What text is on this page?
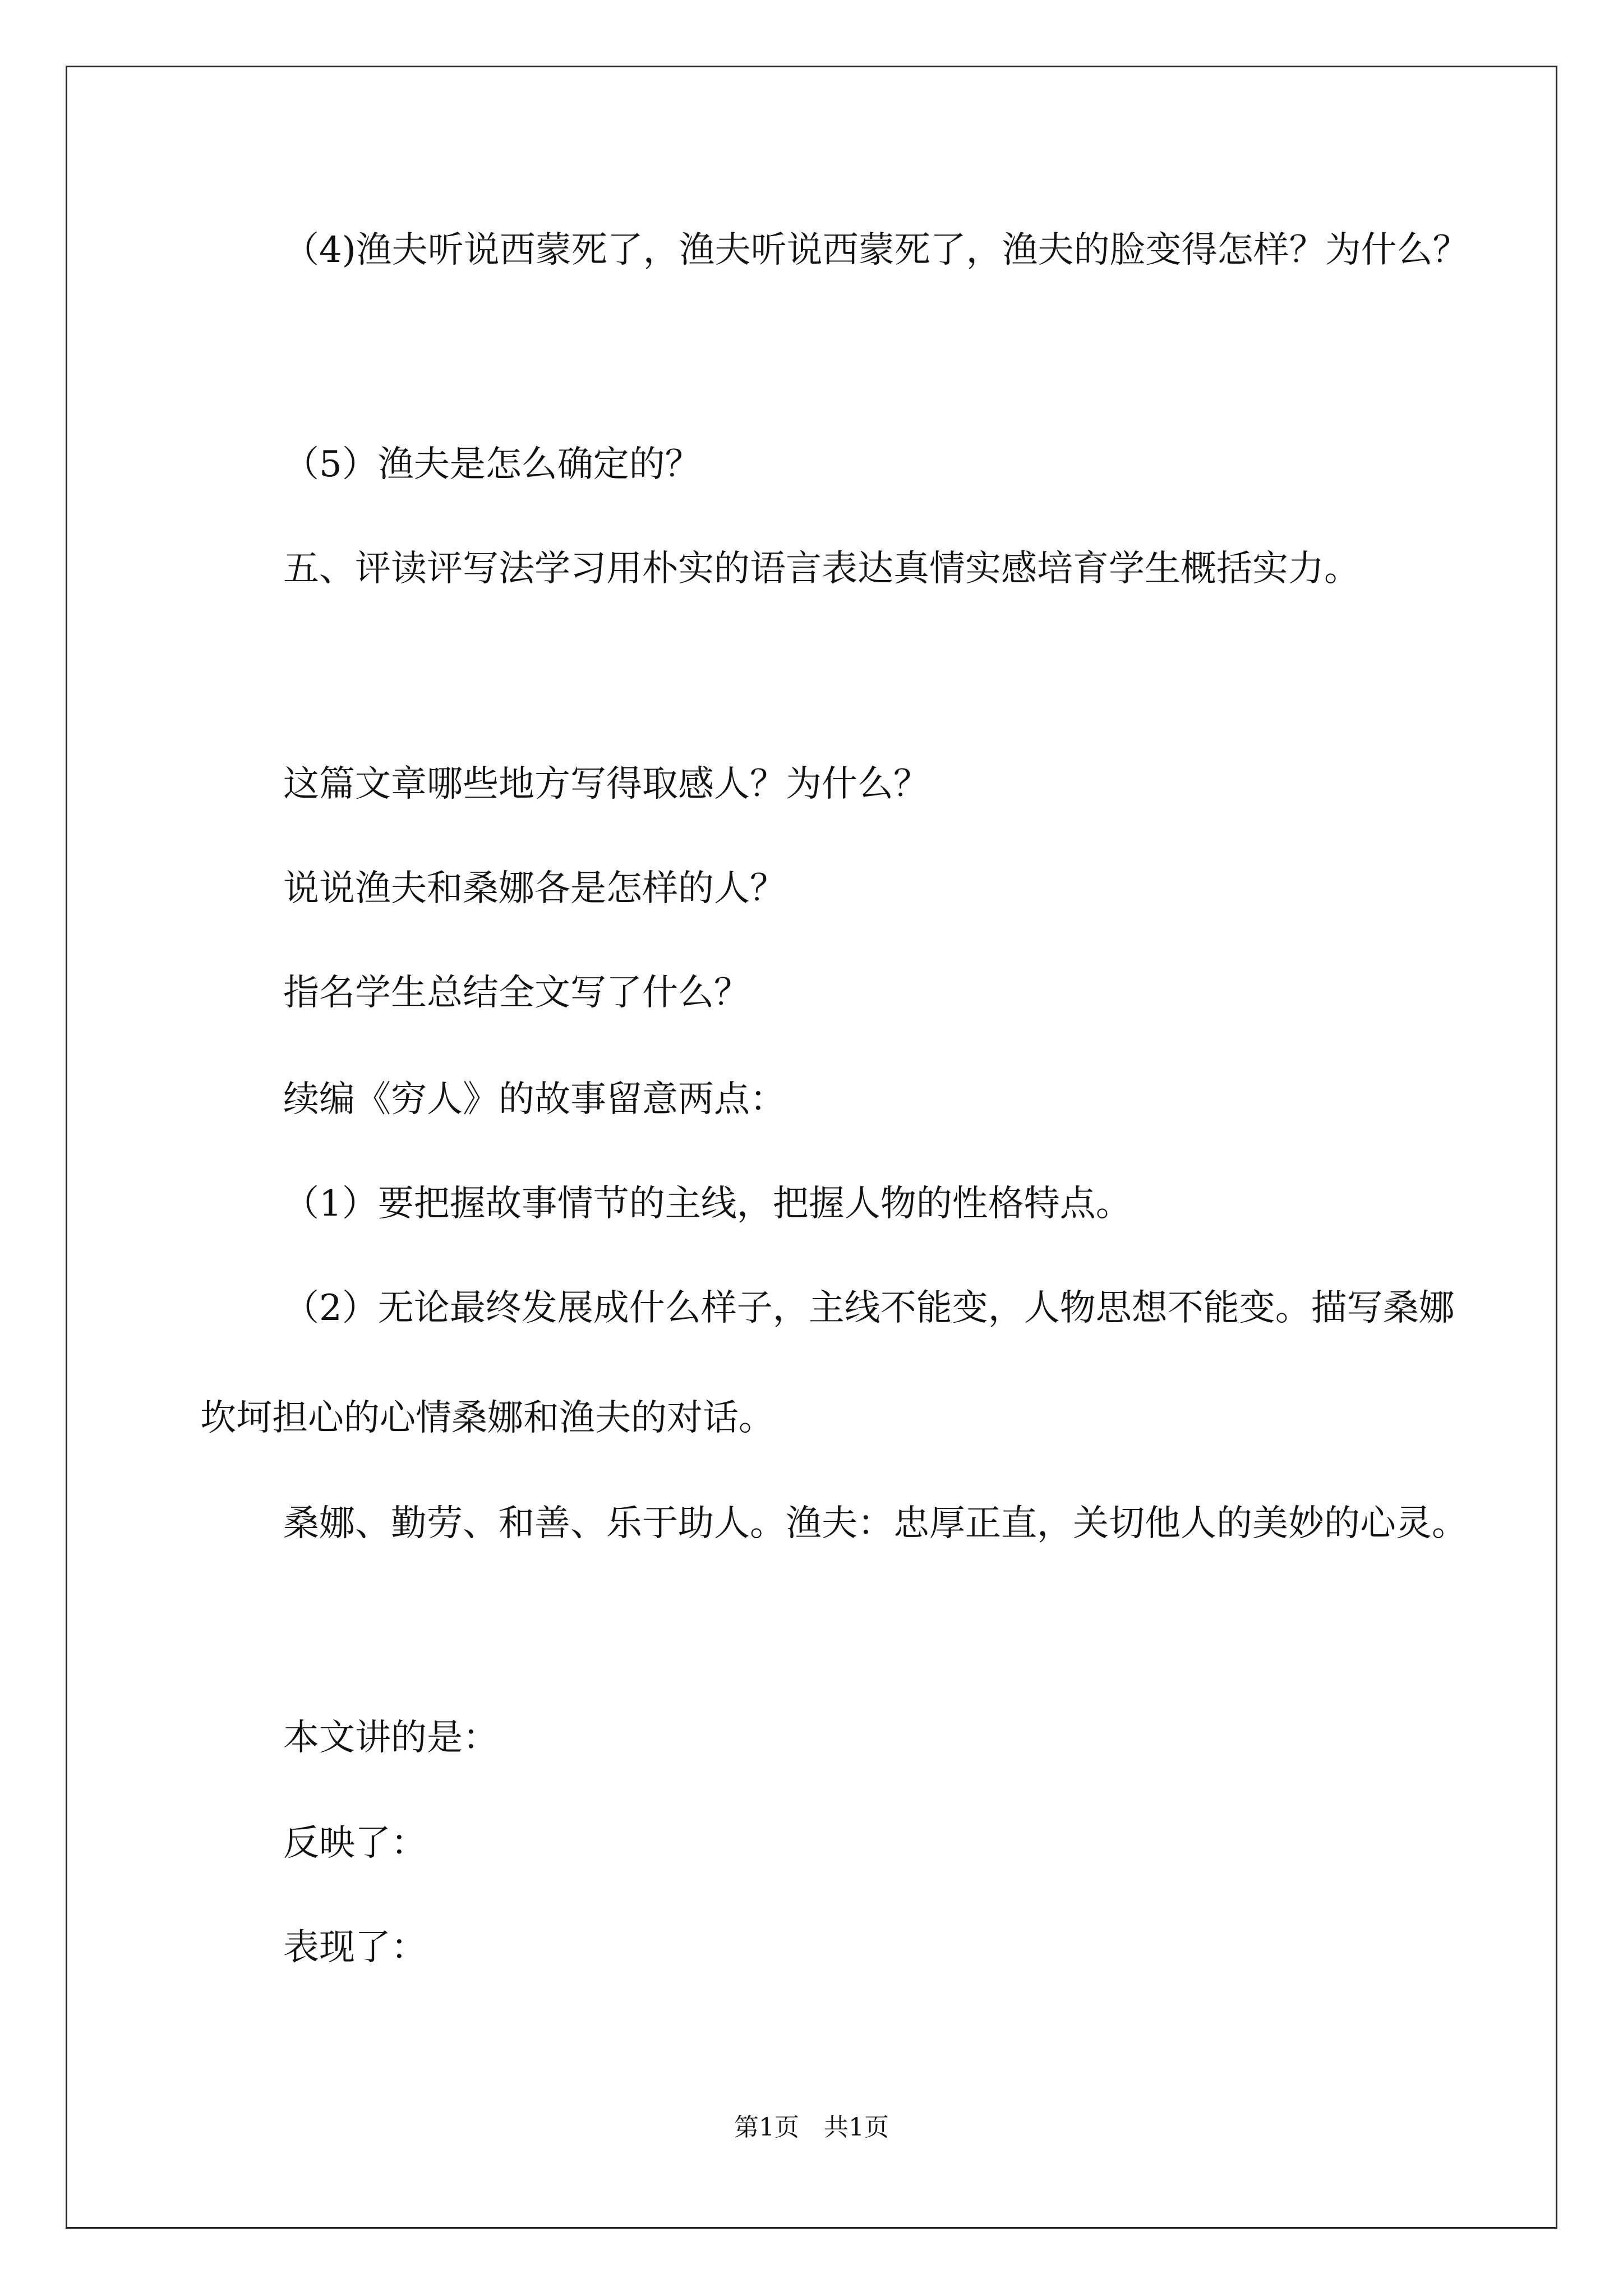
（4)渔夫听说西蒙死了，渔夫听说西蒙死了，渔夫的脸变得怎样？为什么？
（5）渔夫是怎么确定的？
五、评读评写法学习用朴实的语言表达真情实感培育学生概括实力。
这篇文章哪些地方写得取感人？为什么？
说说渔夫和桑娜各是怎样的人？
指名学生总结全文写了什么？
续编《穷人》的故事留意两点：
（1）要把握故事情节的主线，把握人物的性格特点。
（2）无论最终发展成什么样子，主线不能变，人物思想不能变。描写桑娜坎坷担心的心情桑娜和渔夫的对话。
桑娜、勤劳、和善、乐于助人。渔夫：忠厚正直，关切他人的美妙的心灵。
本文讲的是：
反映了：
表现了：
第1页　共1页
